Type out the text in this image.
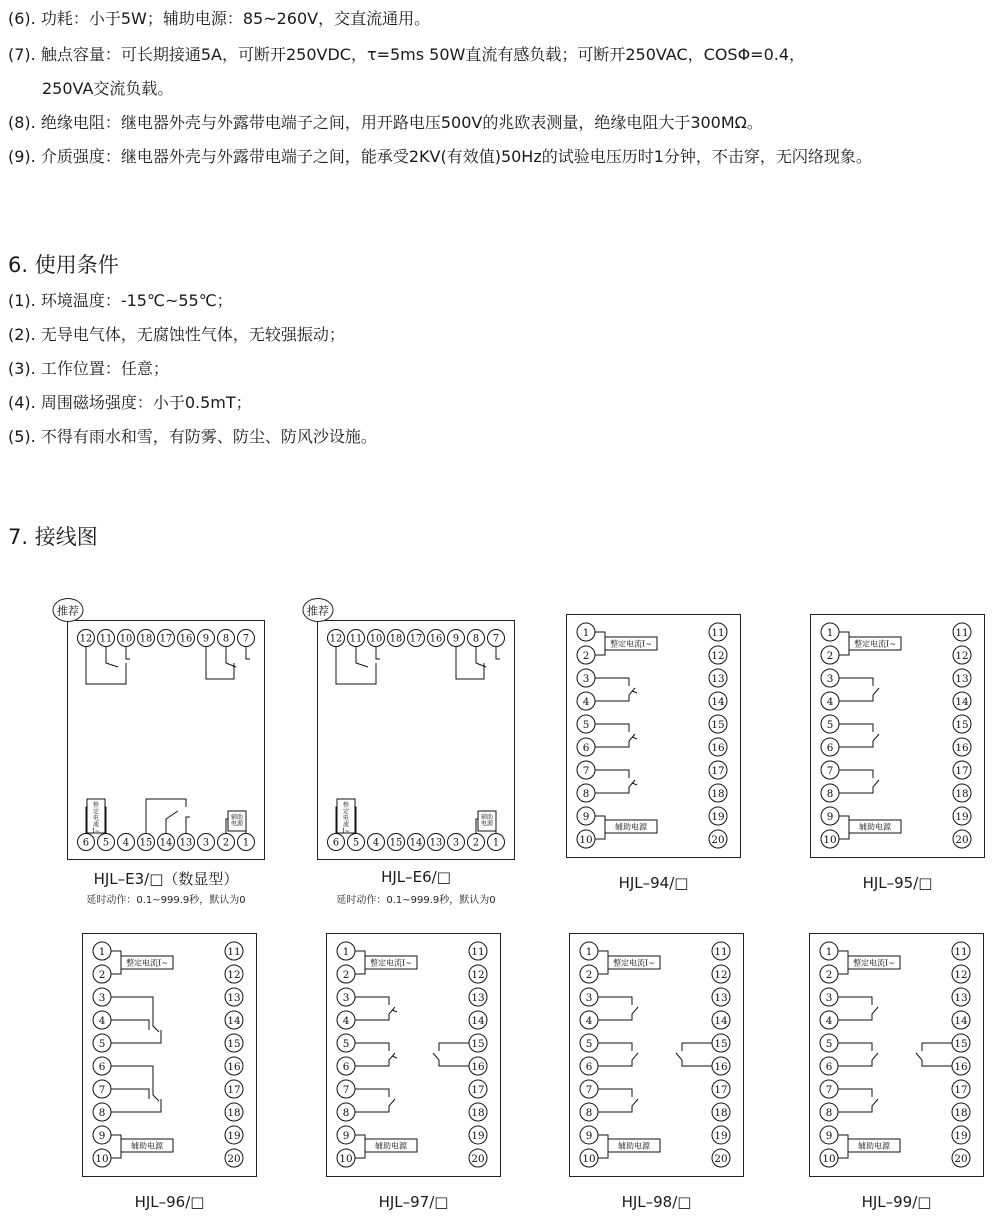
(6). 功耗：小于5W；辅助电源：85~260V，交直流通用。
(7). 触点容量：可长期接通5A，可断开250VDC，τ=5ms 50W直流有感负载；可断开250VAC，COSΦ=0.4，
250VA交流负载。
(8). 绝缘电阻：继电器外壳与外露带电端子之间，用开路电压500V的兆欧表测量，绝缘电阻大于300MΩ。
(9). 介质强度：继电器外壳与外露带电端子之间，能承受2KV(有效值)50Hz的试验电压历时1分钟，不击穿，无闪络现象。
6. 使用条件
(1). 环境温度：-15℃~55℃；
(2). 无导电气体，无腐蚀性气体，无较强振动；
(3). 工作位置：任意；
(4). 周围磁场强度：小于0.5mT；
(5). 不得有雨水和雪，有防雾、防尘、防风沙设施。
7. 接线图
整
定
电
流
I~
辅助
电源
12 11 10 18 17 16 9 8 7
6 5 4 15 14 13 3 2 1
整
定
电
流
I~
辅助
电源
12 11 10 18 17 16 9 8 7
6 5 4 15 14 13 3 2 1
整定电流I~
辅助电源
1
2
3
4
5
6
7
8
9
10
11
12
13
14
15
16
17
18
19
20
整定电流I~
辅助电源
1
2
3
4
5
6
7
8
9
10
11
12
13
14
15
16
17
18
19
20
整定电流I~
辅助电源
1
2
3
4
5
6
7
8
9
10
11
12
13
14
15
16
17
18
19
20
整定电流I~
辅助电源
1
2
3
4
5
6
7
8
9
10
11
12
13
14
15
16
17
18
19
20
整定电流I~
辅助电源
1
2
3
4
5
6
7
8
9
10
11
12
13
14
15
16
17
18
19
20
整定电流I~
辅助电源
1
2
3
4
5
6
7
8
9
10
11
12
13
14
15
16
17
18
19
20
推荐	推荐
HJL–E3/□（数显型）
延时动作：0.1~999.9秒，默认为0
HJL–E6/□
延时动作：0.1~999.9秒，默认为0
HJL–94/□	HJL–95/□
HJL–96/□	HJL–97/□	HJL–98/□	HJL–99/□
